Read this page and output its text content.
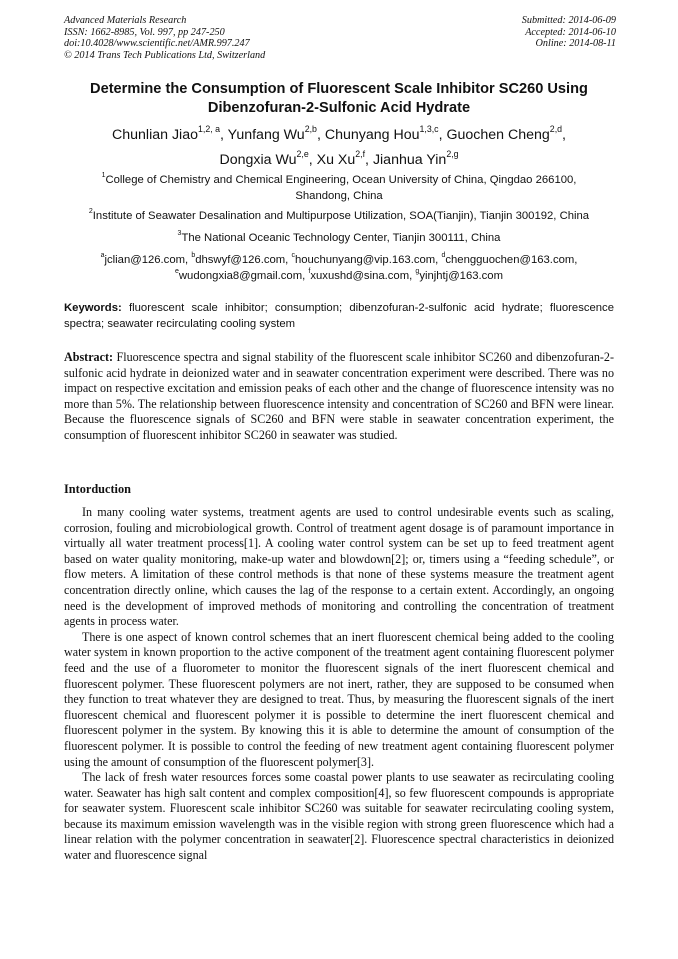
Advanced Materials Research
ISSN: 1662-8985, Vol. 997, pp 247-250
doi:10.4028/www.scientific.net/AMR.997.247
© 2014 Trans Tech Publications Ltd, Switzerland
Submitted: 2014-06-09
Accepted: 2014-06-10
Online: 2014-08-11
Determine the Consumption of Fluorescent Scale Inhibitor SC260 Using
Dibenzofuran-2-Sulfonic Acid Hydrate
Chunlian Jiao$^{1,2, a}$, Yunfang Wu$^{2,b}$, Chunyang Hou$^{1,3,c}$, Guochen Cheng$^{2,d}$,
Dongxia Wu$^{2,e}$, Xu Xu$^{2,f}$, Jianhua Yin$^{2,g}$
$^1$College of Chemistry and Chemical Engineering, Ocean University of China, Qingdao 266100,
Shandong, China
$^2$Institute of Seawater Desalination and Multipurpose Utilization, SOA(Tianjin), Tianjin 300192, China
$^3$The National Oceanic Technology Center, Tianjin 300111, China
$^a$jclian@126.com, $^b$dhswyf@126.com, $^c$houchunyang@vip.163.com, $^d$chengguochen@163.com,
$^e$wudongxia8@gmail.com, $^f$xuxushd@sina.com, $^g$yinjhtj@163.com
Keywords: fluorescent scale inhibitor; consumption; dibenzofuran-2-sulfonic acid hydrate; fluorescence spectra; seawater recirculating cooling system
Abstract: Fluorescence spectra and signal stability of the fluorescent scale inhibitor SC260 and dibenzofuran-2-sulfonic acid hydrate in deionized water and in seawater concentration experiment were described. There was no impact on respective excitation and emission peaks of each other and the change of fluorescence intensity was no more than 5%. The relationship between fluorescence intensity and concentration of SC260 and BFN were linear. Because the fluorescence signals of SC260 and BFN were stable in seawater concentration experiment, the consumption of fluorescent inhibitor SC260 in seawater was studied.
Intorduction

In many cooling water systems, treatment agents are used to control undesirable events such as scaling, corrosion, fouling and microbiological growth. Control of treatment agent dosage is of paramount importance in virtually all water treatment process[1]. A cooling water control system can be set up to feed treatment agent based on water quality monitoring, make-up water and blowdown[2]; or, timers using a “feeding schedule”, or flow meters. A limitation of these control methods is that none of these systems measure the treatment agent concentration directly online, which causes the lag of the response to a certain extent. Accordingly, an ongoing need is the development of improved methods of monitoring and controlling the concentration of treatment agents in process water.

There is one aspect of known control schemes that an inert fluorescent chemical being added to the cooling water system in known proportion to the active component of the treatment agent containing fluorescent polymer feed and the use of a fluorometer to monitor the fluorescent signals of the inert fluorescent chemical and fluorescent polymer. These fluorescent polymers are not inert, rather, they are supposed to be consumed when they function to treat whatever they are designed to treat. Thus, by measuring the fluorescent signals of the inert fluorescent chemical and fluorescent polymer it is possible to determine the inert fluorescent chemical and fluorescent polymer in the system. By knowing this it is able to determine the amount of consumption of the fluorescent polymer. It is possible to control the feeding of new treatment agent containing fluorescent polymer using the amount of consumption of the fluorescent polymer[3].

The lack of fresh water resources forces some coastal power plants to use seawater as recirculating cooling water. Seawater has high salt content and complex composition[4], so few fluorescent compounds is appropriate for seawater system. Fluorescent scale inhibitor SC260 was suitable for seawater recirculating cooling system, because its maximum emission wavelength was in the visible region with strong green fluorescence which had a linear relation with the polymer concentration in seawater[2]. Fluorescence spectral characteristics in deionized water and fluorescence signal
